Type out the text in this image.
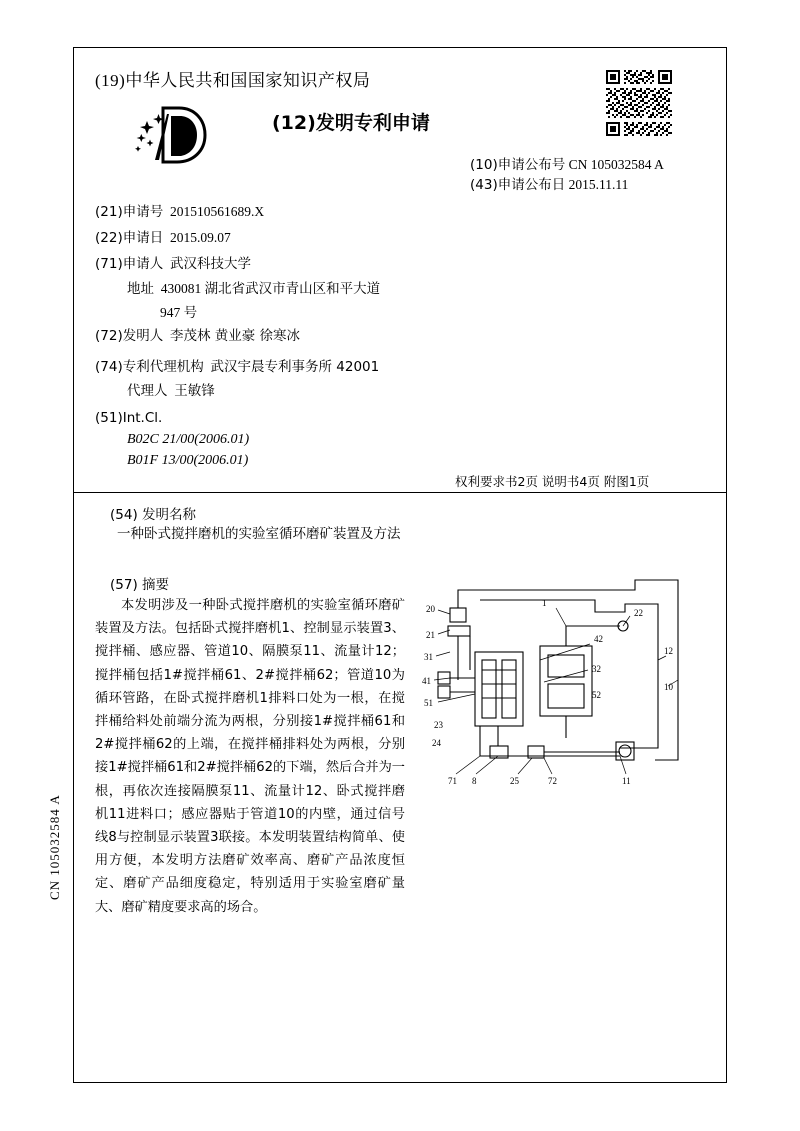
(19)中华人民共和国国家知识产权局
(12)发明专利申请
(10)申请公布号 CN 105032584 A
(43)申请公布日 2015.11.11
(21)申请号 201510561689.X
(22)申请日 2015.09.07
(71)申请人 武汉科技大学
地址 430081 湖北省武汉市青山区和平大道
947 号
(72)发明人 李茂林 黄业豪 徐寒冰
(74)专利代理机构 武汉宇晨专利事务所 42001
代理人 王敏锋
(51)Int.Cl.
B02C 21/00(2006.01)
B01F 13/00(2006.01)
权利要求书2页 说明书4页 附图1页
(54) 发明名称
一种卧式搅拌磨机的实验室循环磨矿装置及方法
(57) 摘要
本发明涉及一种卧式搅拌磨机的实验室循环磨矿装置及方法。包括卧式搅拌磨机1、控制显示装置3、搅拌桶、感应器、管道10、隔膜泵11、流量计12；搅拌桶包括1#搅拌桶61、2#搅拌桶62；管道10为循环管路，在卧式搅拌磨机1排料口处为一根，在搅拌桶给料处前端分流为两根，分别接1#搅拌桶61和2#搅拌桶62的上端，在搅拌桶排料处为两根，分别接1#搅拌桶61和2#搅拌桶62的下端，然后合并为一根，再依次连接隔膜泵11、流量计12、卧式搅拌磨机11进料口；感应器贴于管道10的内壁，通过信号线8与控制显示装置3联接。本发明装置结构简单、使用方便，本发明方法磨矿效率高、磨矿产品浓度恒定、磨矿产品细度稳定，特别适用于实验室磨矿量大、磨矿精度要求高的场合。
CN 105032584 A
20
21
31
41
51
42
32
1
22
12
10
52
23
24
71 8	25	72	11
